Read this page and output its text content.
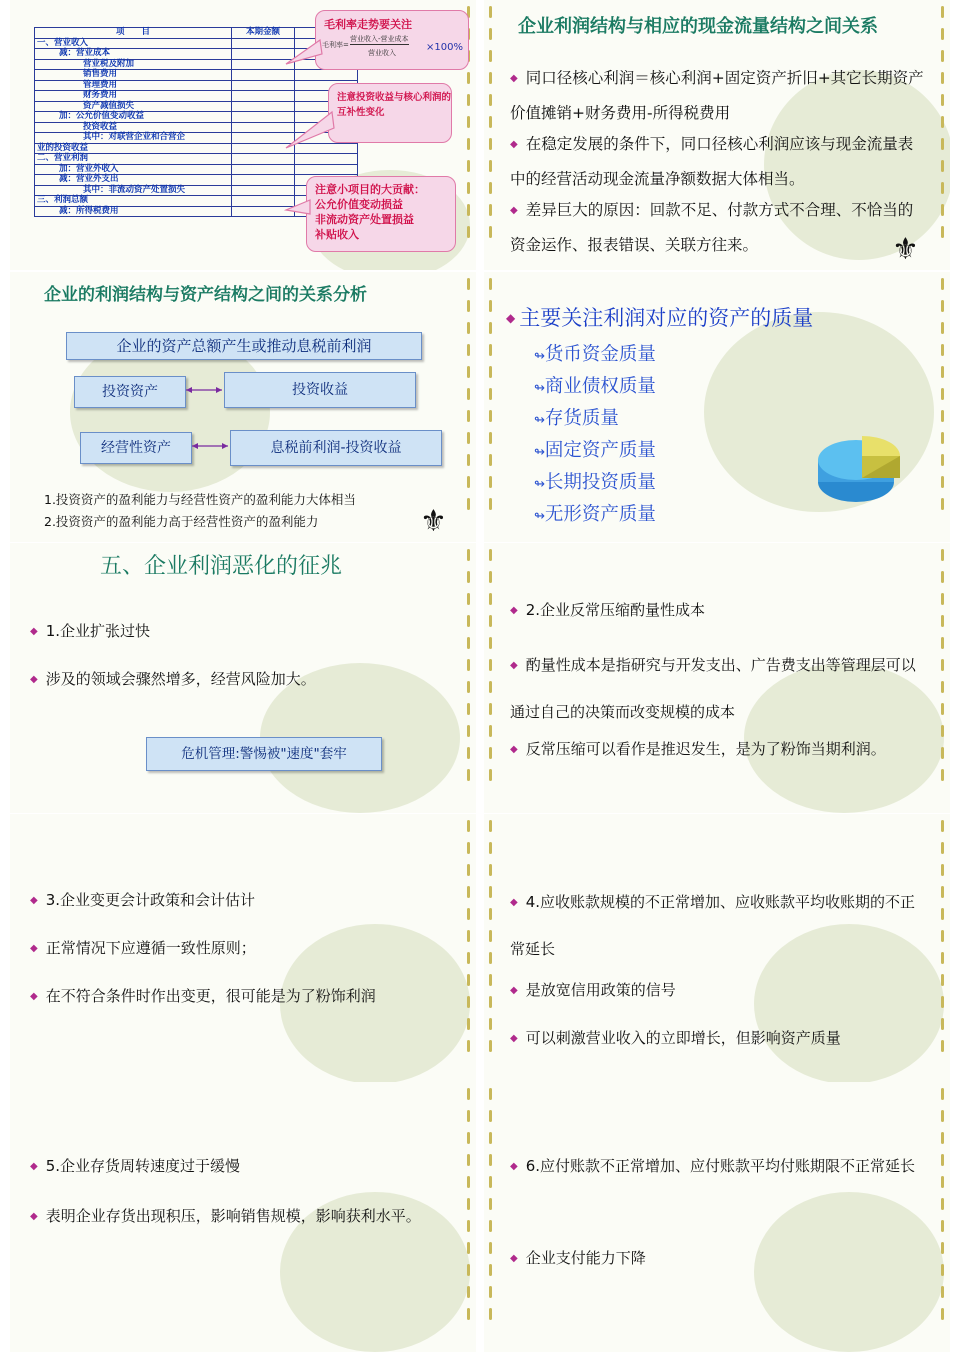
项　　目	本期金额	
一、营业收入		
减：营业成本		
营业税及附加		
销售费用		
管理费用		
财务费用		
资产减值损失		
加：公允价值变动收益		
投资收益		
其中：对联营企业和合营企		
业的投资收益		
二、营业利润		
加：营业外收入		
减：营业外支出		
其中：非流动资产处置损失		
三、利润总额		
减：所得税费用		
毛利率走势要关注
毛利率=
营业收入-营业成本
营业收入	×100%
注意投资收益与核心利润的互补性变化
注意小项目的大贡献：
公允价值变动损益
非流动资产处置损益
补贴收入
企业利润结构与相应的现金流量结构之间关系
◆ 同口径核心利润＝核心利润+固定资产折旧+其它长期资产价值摊销+财务费用-所得税费用
◆ 在稳定发展的条件下，同口径核心利润应该与现金流量表中的经营活动现金流量净额数据大体相当。
◆ 差异巨大的原因：回款不足、付款方式不合理、不恰当的资金运作、报表错误、关联方往来。	⚜
企业的利润结构与资产结构之间的关系分析
企业的资产总额产生或推动息税前利润
投资资产	投资收益
经营性资产	息税前利润-投资收益
1.投资资产的盈利能力与经营性资产的盈利能力大体相当
2.投资资产的盈利能力高于经营性资产的盈利能力	⚜
◆ 主要关注利润对应的资产的质量
↬货币资金质量
↬商业债权质量
↬存货质量
↬固定资产质量
↬长期投资质量
↬无形资产质量
五、企业利润恶化的征兆
◆ 1.企业扩张过快
◆ 涉及的领域会骤然增多，经营风险加大。
危机管理:警惕被"速度"套牢
◆ 2.企业反常压缩酌量性成本
◆ 酌量性成本是指研究与开发支出、广告费支出等管理层可以通过自己的决策而改变规模的成本
◆ 反常压缩可以看作是推迟发生，是为了粉饰当期利润。
◆ 3.企业变更会计政策和会计估计
◆ 正常情况下应遵循一致性原则；
◆ 在不符合条件时作出变更，很可能是为了粉饰利润
◆ 4.应收账款规模的不正常增加、应收账款平均收账期的不正常延长
◆ 是放宽信用政策的信号
◆ 可以刺激营业收入的立即增长，但影响资产质量
◆ 5.企业存货周转速度过于缓慢
◆ 表明企业存货出现积压，影响销售规模，影响获利水平。
◆ 6.应付账款不正常增加、应付账款平均付账期限不正常延长
◆ 企业支付能力下降
